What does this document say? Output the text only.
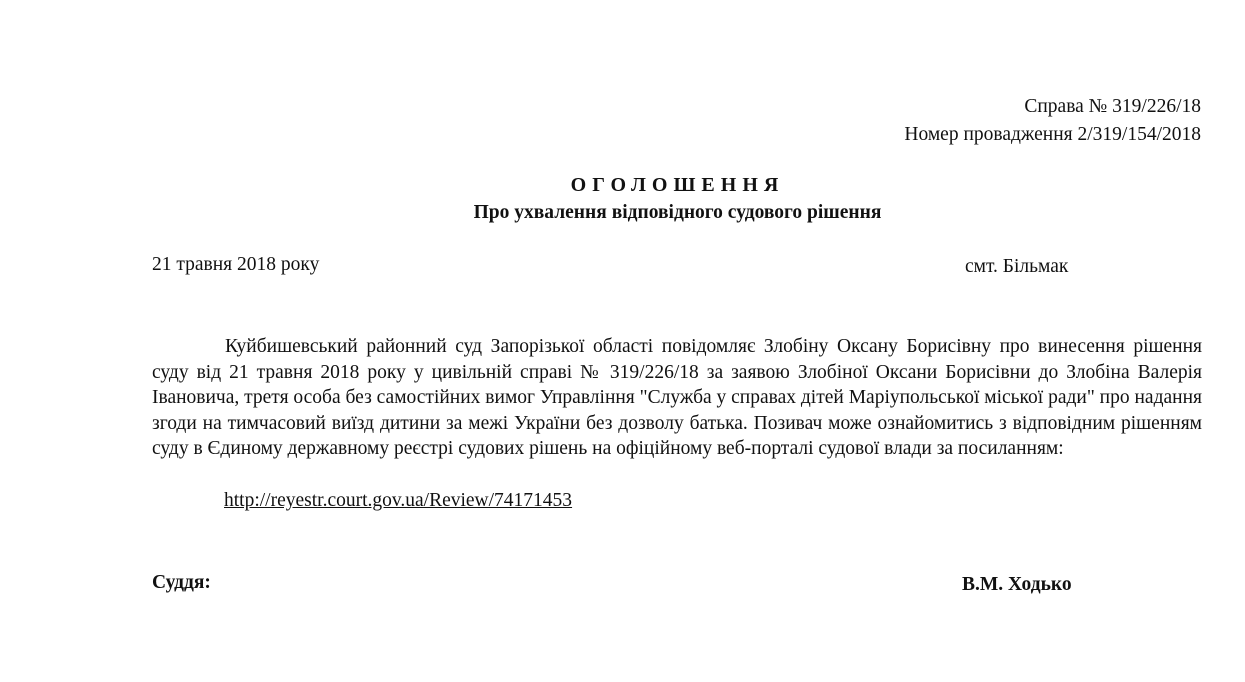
Справа № 319/226/18
Номер провадження 2/319/154/2018
ОГОЛОШЕННЯ
Про ухвалення відповідного судового рішення
21 травня 2018 року	смт. Більмак

Куйбишевський районний суд Запорізької області повідомляє Злобіну Оксану Борисівну про винесення рішення суду від 21 травня 2018 року у цивільній справі № 319/226/18 за заявою Злобіної Оксани Борисівни до Злобіна Валерія Івановича, третя особа без самостійних вимог Управління "Служба у справах дітей Маріупольської міської ради" про надання згоди на тимчасовий виїзд дитини за межі України без дозволу батька. Позивач може ознайомитись з відповідним рішенням суду в Єдиному державному реєстрі судових рішень на офіційному веб-порталі судової влади за посиланням:

http://reyestr.court.gov.ua/Review/74171453
Суддя:	В.М. Ходько
